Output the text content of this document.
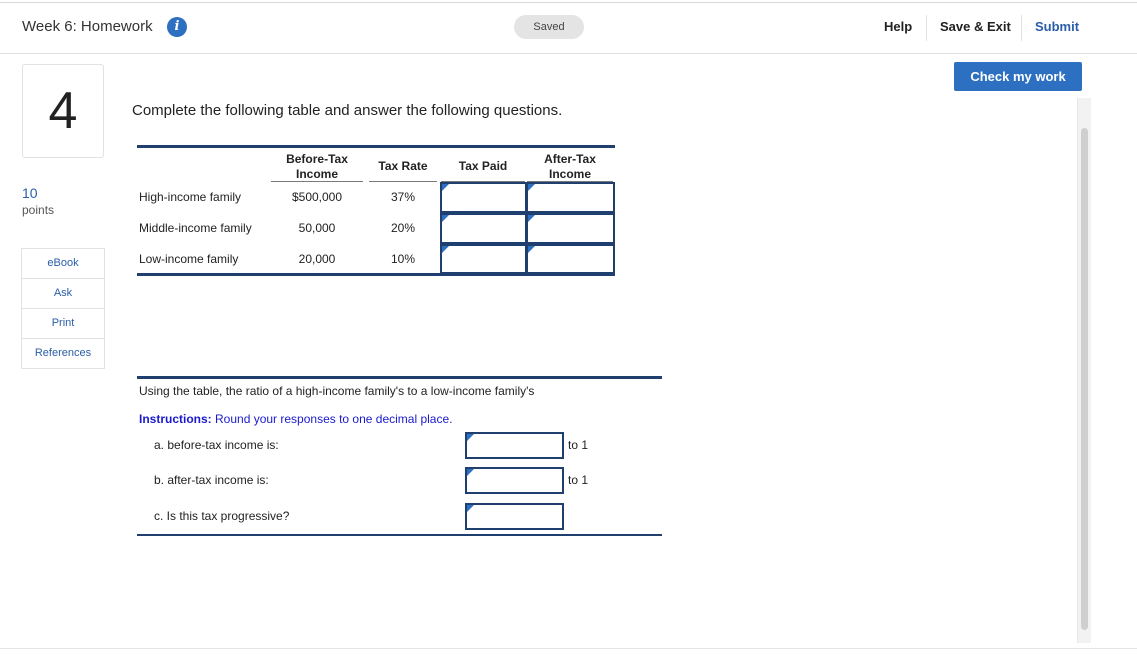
Week 6: Homework	i	Saved	Help Save & Exit Submit
4
10
points
eBook
Ask
Print
References
Check my work
Complete the following table and answer the following questions.
Before-Tax
Income
Tax Rate	Tax Paid	After-Tax
Income
High-income family	$500,000	37%
Middle-income family	50,000	20%
Low-income family	20,000	10%
Using the table, the ratio of a high-income family's to a low-income family's
Instructions: Round your responses to one decimal place.
a. before-tax income is:	to 1
b. after-tax income is:	to 1
c. Is this tax progressive?
